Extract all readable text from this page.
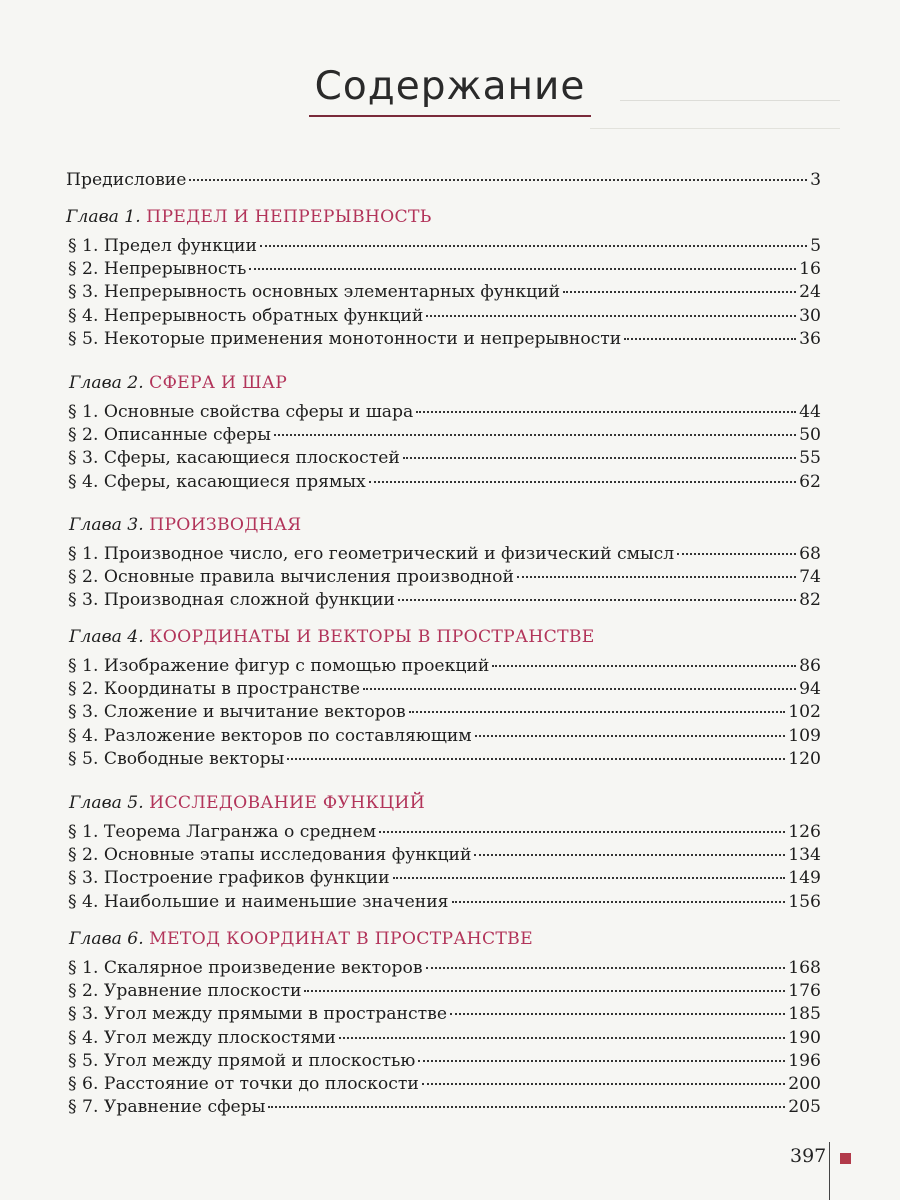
Содержание
Предисловие	3
Глава 1. ПРЕДЕЛ И НЕПРЕРЫВНОСТЬ
§ 1. Предел функции	5
§ 2. Непрерывность	16
§ 3. Непрерывность основных элементарных функций	24
§ 4. Непрерывность обратных функций	30
§ 5. Некоторые применения монотонности и непрерывности	36
Глава 2. СФЕРА И ШАР
§ 1. Основные свойства сферы и шара	44
§ 2. Описанные сферы	50
§ 3. Сферы, касающиеся плоскостей	55
§ 4. Сферы, касающиеся прямых	62
Глава 3. ПРОИЗВОДНАЯ
§ 1. Производное число, его геометрический и физический смысл	68
§ 2. Основные правила вычисления производной	74
§ 3. Производная сложной функции	82
Глава 4. КООРДИНАТЫ И ВЕКТОРЫ В ПРОСТРАНСТВЕ
§ 1. Изображение фигур с помощью проекций	86
§ 2. Координаты в пространстве	94
§ 3. Сложение и вычитание векторов	102
§ 4. Разложение векторов по составляющим	109
§ 5. Свободные векторы	120
Глава 5. ИССЛЕДОВАНИЕ ФУНКЦИЙ
§ 1. Теорема Лагранжа о среднем	126
§ 2. Основные этапы исследования функций	134
§ 3. Построение графиков функции	149
§ 4. Наибольшие и наименьшие значения	156
Глава 6. МЕТОД КООРДИНАТ В ПРОСТРАНСТВЕ
§ 1. Скалярное произведение векторов	168
§ 2. Уравнение плоскости	176
§ 3. Угол между прямыми в пространстве	185
§ 4. Угол между плоскостями	190
§ 5. Угол между прямой и плоскостью	196
§ 6. Расстояние от точки до плоскости	200
§ 7. Уравнение сферы	205
397
